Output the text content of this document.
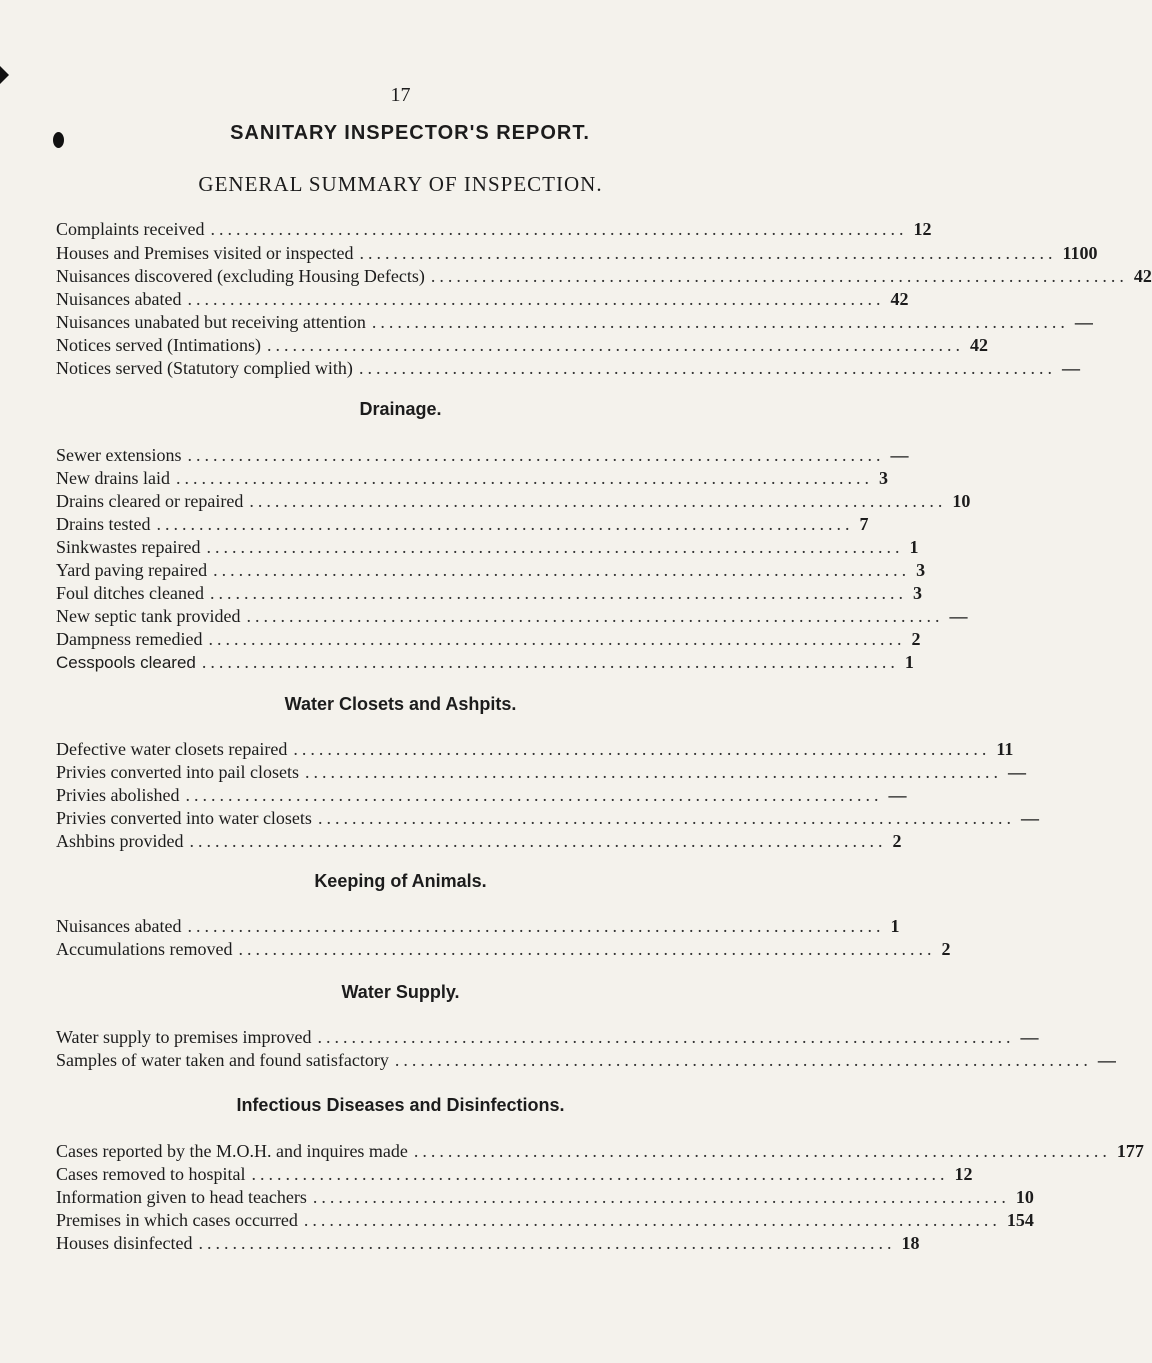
17
SANITARY INSPECTOR'S REPORT.
GENERAL SUMMARY OF INSPECTION.
Complaints received .................................................................................. 12
Houses and Premises visited or inspected .................................................................................. 1100
Nuisances discovered (excluding Housing Defects) .................................................................................. 42
Nuisances abated .................................................................................. 42
Nuisances unabated but receiving attention .................................................................................. —
Notices served (Intimations) .................................................................................. 42
Notices served (Statutory complied with) .................................................................................. —
Drainage.
Sewer extensions .................................................................................. —
New drains laid .................................................................................. 3
Drains cleared or repaired .................................................................................. 10
Drains tested .................................................................................. 7
Sinkwastes repaired .................................................................................. 1
Yard paving repaired .................................................................................. 3
Foul ditches cleaned .................................................................................. 3
New septic tank provided .................................................................................. —
Dampness remedied .................................................................................. 2
Cesspools cleared .................................................................................. 1
Water Closets and Ashpits.
Defective water closets repaired .................................................................................. 11
Privies converted into pail closets .................................................................................. —
Privies abolished .................................................................................. —
Privies converted into water closets .................................................................................. —
Ashbins provided .................................................................................. 2
Keeping of Animals.
Nuisances abated .................................................................................. 1
Accumulations removed .................................................................................. 2
Water Supply.
Water supply to premises improved .................................................................................. —
Samples of water taken and found satisfactory .................................................................................. —
Infectious Diseases and Disinfections.
Cases reported by the M.O.H. and inquires made .................................................................................. 177
Cases removed to hospital .................................................................................. 12
Information given to head teachers .................................................................................. 10
Premises in which cases occurred .................................................................................. 154
Houses disinfected .................................................................................. 18
